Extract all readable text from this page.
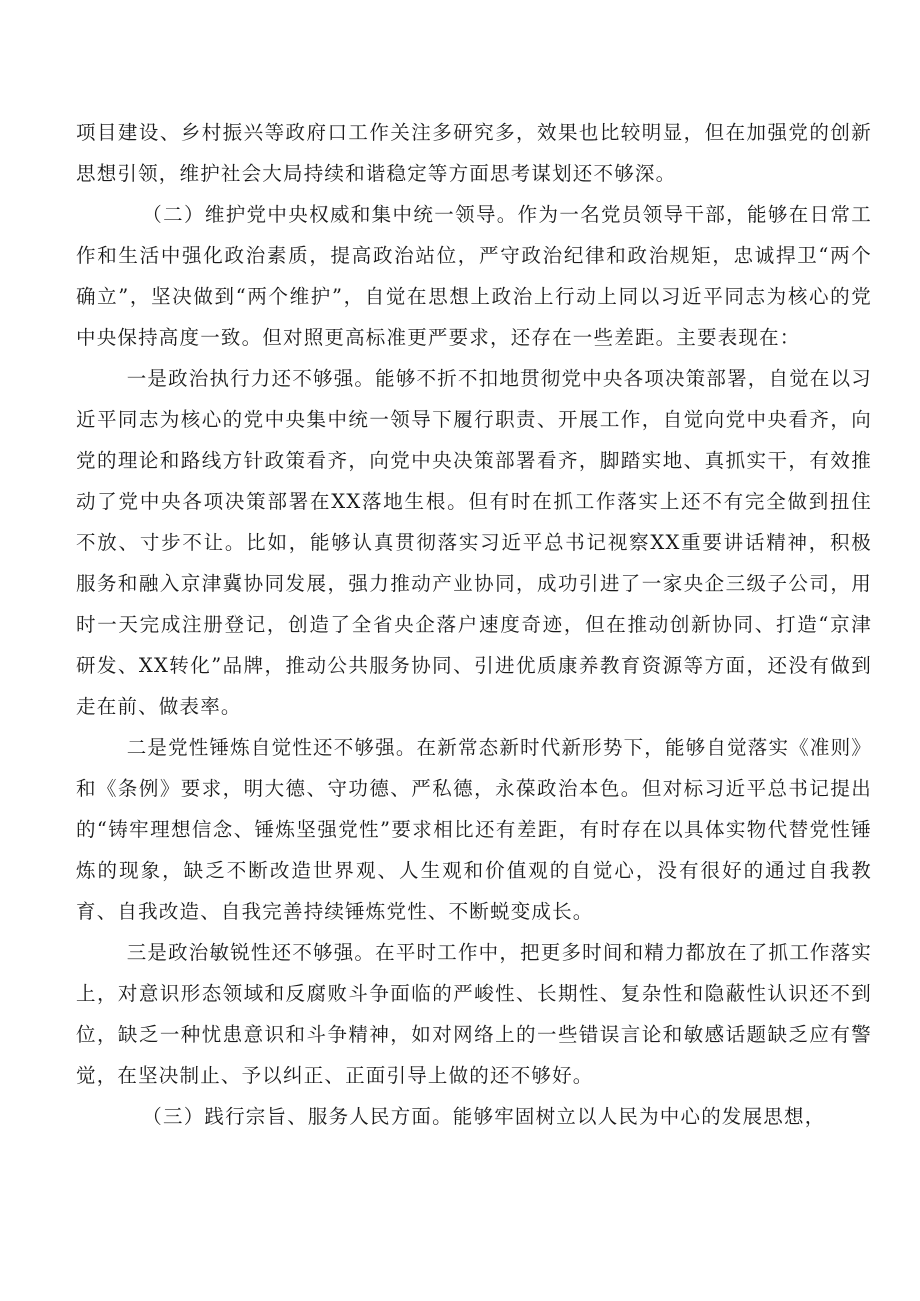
项目建设、乡村振兴等政府口工作关注多研究多，效果也比较明显，但在加强党的创新思想引领，维护社会大局持续和谐稳定等方面思考谋划还不够深。

（二）维护党中央权威和集中统一领导。作为一名党员领导干部，能够在日常工作和生活中强化政治素质，提高政治站位，严守政治纪律和政治规矩，忠诚捍卫“两个确立”，坚决做到“两个维护”，自觉在思想上政治上行动上同以习近平同志为核心的党中央保持高度一致。但对照更高标准更严要求，还存在一些差距。主要表现在：

一是政治执行力还不够强。能够不折不扣地贯彻党中央各项决策部署，自觉在以习近平同志为核心的党中央集中统一领导下履行职责、开展工作，自觉向党中央看齐，向党的理论和路线方针政策看齐，向党中央决策部署看齐，脚踏实地、真抓实干，有效推动了党中央各项决策部署在XX落地生根。但有时在抓工作落实上还不有完全做到扭住不放、寸步不让。比如，能够认真贯彻落实习近平总书记视察XX重要讲话精神，积极服务和融入京津冀协同发展，强力推动产业协同，成功引进了一家央企三级子公司，用时一天完成注册登记，创造了全省央企落户速度奇迹，但在推动创新协同、打造“京津研发、XX转化”品牌，推动公共服务协同、引进优质康养教育资源等方面，还没有做到走在前、做表率。

二是党性锤炼自觉性还不够强。在新常态新时代新形势下，能够自觉落实《准则》和《条例》要求，明大德、守功德、严私德，永葆政治本色。但对标习近平总书记提出的“铸牢理想信念、锤炼坚强党性”要求相比还有差距，有时存在以具体实物代替党性锤炼的现象，缺乏不断改造世界观、人生观和价值观的自觉心，没有很好的通过自我教育、自我改造、自我完善持续锤炼党性、不断蜕变成长。

三是政治敏锐性还不够强。在平时工作中，把更多时间和精力都放在了抓工作落实上，对意识形态领域和反腐败斗争面临的严峻性、长期性、复杂性和隐蔽性认识还不到位，缺乏一种忧患意识和斗争精神，如对网络上的一些错误言论和敏感话题缺乏应有警觉，在坚决制止、予以纠正、正面引导上做的还不够好。

（三）践行宗旨、服务人民方面。能够牢固树立以人民为中心的发展思想，
